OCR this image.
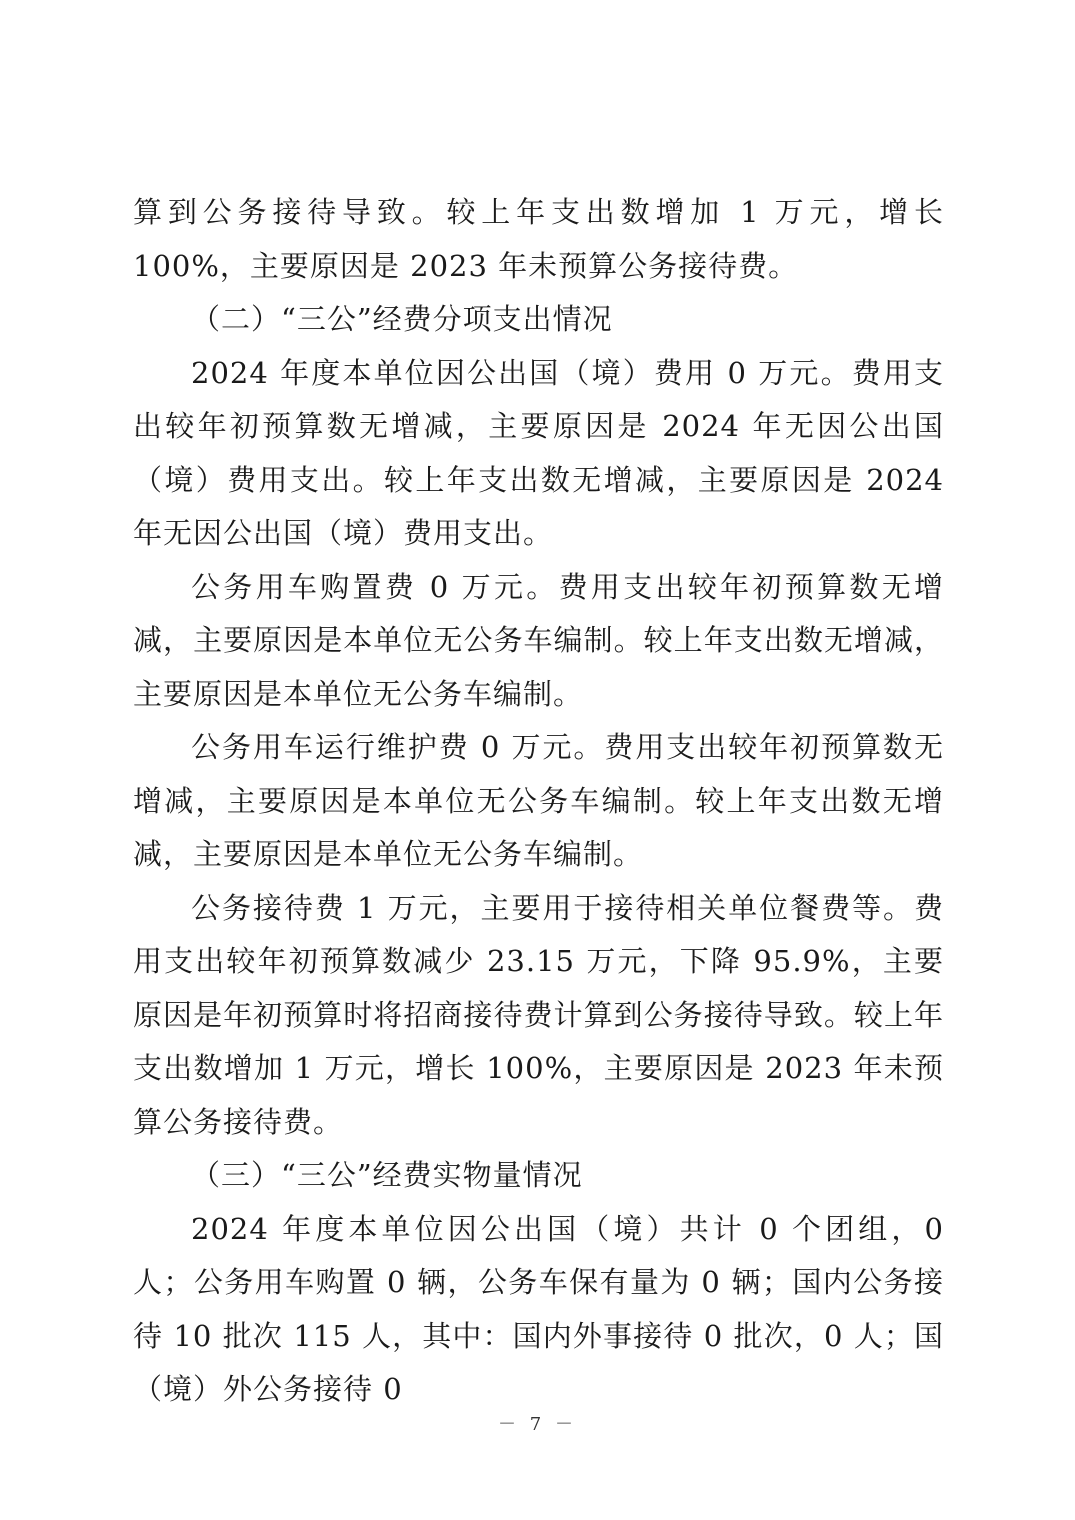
算到公务接待导致。较上年支出数增加 1 万元，增长 100%，主要原因是 2023 年未预算公务接待费。

（二）“三公”经费分项支出情况

2024 年度本单位因公出国（境）费用 0 万元。费用支出较年初预算数无增减，主要原因是 2024 年无因公出国（境）费用支出。较上年支出数无增减，主要原因是 2024 年无因公出国（境）费用支出。

公务用车购置费 0 万元。费用支出较年初预算数无增减，主要原因是本单位无公务车编制。较上年支出数无增减，主要原因是本单位无公务车编制。

公务用车运行维护费 0 万元。费用支出较年初预算数无增减，主要原因是本单位无公务车编制。较上年支出数无增减，主要原因是本单位无公务车编制。

公务接待费 1 万元，主要用于接待相关单位餐费等。费用支出较年初预算数减少 23.15 万元，下降 95.9%，主要原因是年初预算时将招商接待费计算到公务接待导致。较上年支出数增加 1 万元，增长 100%，主要原因是 2023 年未预算公务接待费。

（三）“三公”经费实物量情况

2024 年度本单位因公出国（境）共计 0 个团组，0 人；公务用车购置 0 辆，公务车保有量为 0 辆；国内公务接待 10 批次 115 人，其中：国内外事接待 0 批次，0 人；国（境）外公务接待 0

－ 7 －
